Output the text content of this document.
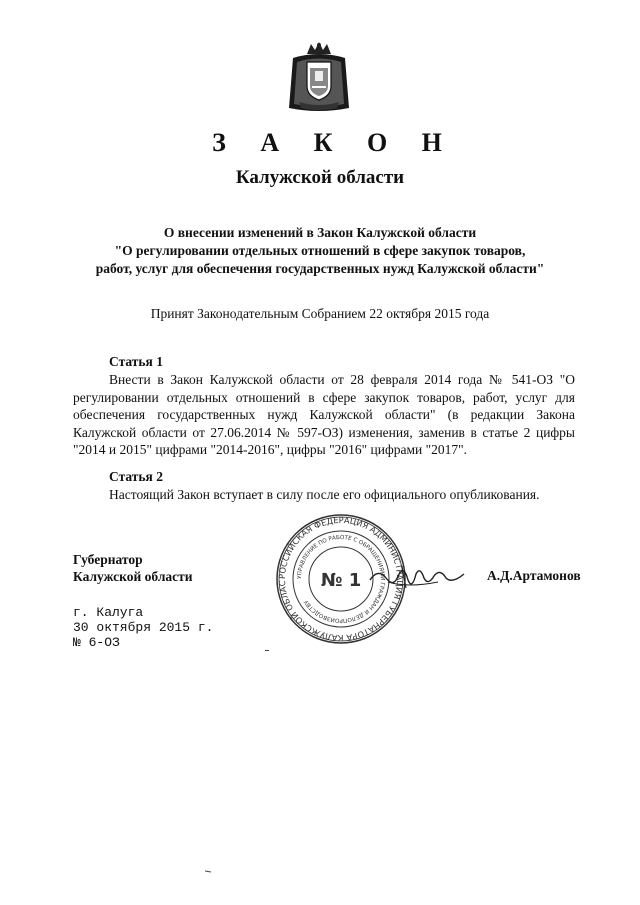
З А К О Н
Калужской области
О внесении изменений в Закон Калужской области
"О регулировании отдельных отношений в сфере закупок товаров,
работ, услуг для обеспечения государственных нужд Калужской области"
Принят Законодательным Собранием 22 октября 2015 года
Статья 1
Внести в Закон Калужской области от 28 февраля 2014 года № 541-ОЗ "О регулировании отдельных отношений в сфере закупок товаров, работ, услуг для обеспечения государственных нужд Калужской области" (в редакции Закона Калужской области от 27.06.2014 № 597-ОЗ) изменения, заменив в статье 2 цифры "2014 и 2015" цифрами "2014-2016", цифры "2016" цифрами "2017".
Статья 2
Настоящий Закон вступает в силу после его официального опубликования.
РОССИЙСКАЯ ФЕДЕРАЦИЯ АДМИНИСТРАЦИЯ ГУБЕРНАТОРА КАЛУЖСКОЙ ОБЛАС
УПРАВЛЕНИЕ ПО РАБОТЕ С ОБРАЩЕНИЯМИ ГРАЖДАН И ДЕЛОПРОИЗВОДСТВУ
№ 1
Губернатор
Калужской области	А.Д.Артамонов
г. Калуга
30 октября 2015 г.
№ 6-ОЗ
